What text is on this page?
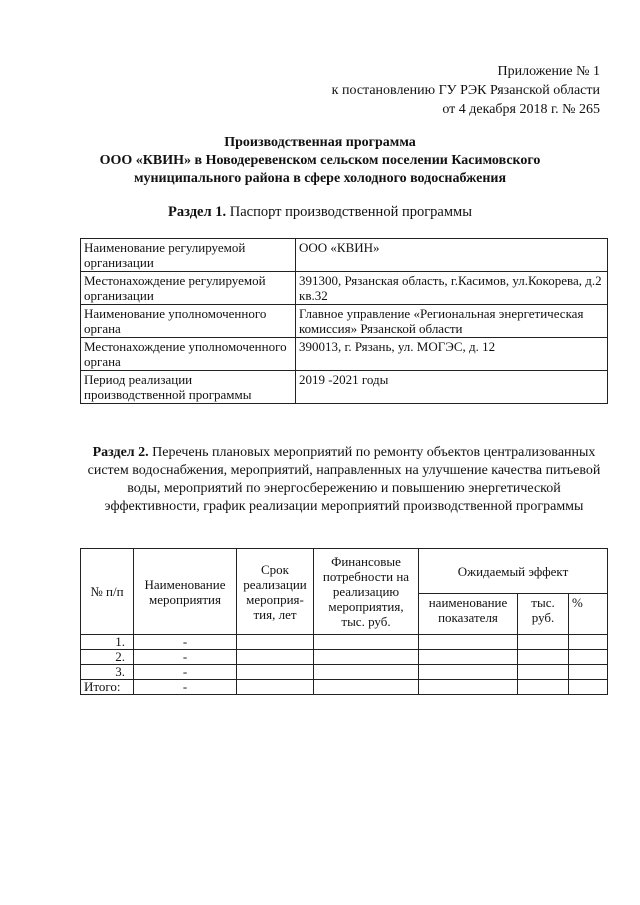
Приложение № 1
к постановлению ГУ РЭК Рязанской области
от 4 декабря 2018 г. № 265
Производственная программа
ООО «КВИН» в Новодеревенском сельском поселении Касимовского
муниципального района в сфере холодного водоснабжения
Раздел 1. Паспорт производственной программы
Наименование регулируемой организации	ООО «КВИН»
Местонахождение регулируемой организации	391300, Рязанская область, г.Касимов, ул.Кокорева, д.2 кв.32
Наименование уполномоченного органа	Главное управление «Региональная энергетическая комиссия» Рязанской области
Местонахождение уполномоченного органа	390013, г. Рязань, ул. МОГЭС, д. 12
Период реализации производственной программы	2019 -2021 годы
Раздел 2. Перечень плановых мероприятий по ремонту объектов централизованных систем водоснабжения, мероприятий, направленных на улучшение качества питьевой воды, мероприятий по энергосбережению и повышению энергетической эффективности, график реализации мероприятий производственной программы
№ п/п	Наименование мероприятия	Срок реализации мероприя-тия, лет	Финансовые потребности на реализацию мероприятия, тыс. руб.	Ожидаемый эффект		
				наименование показателя	тыс. руб.	%
1.	-					
2.	-					
3.	-					
Итого:	-					
